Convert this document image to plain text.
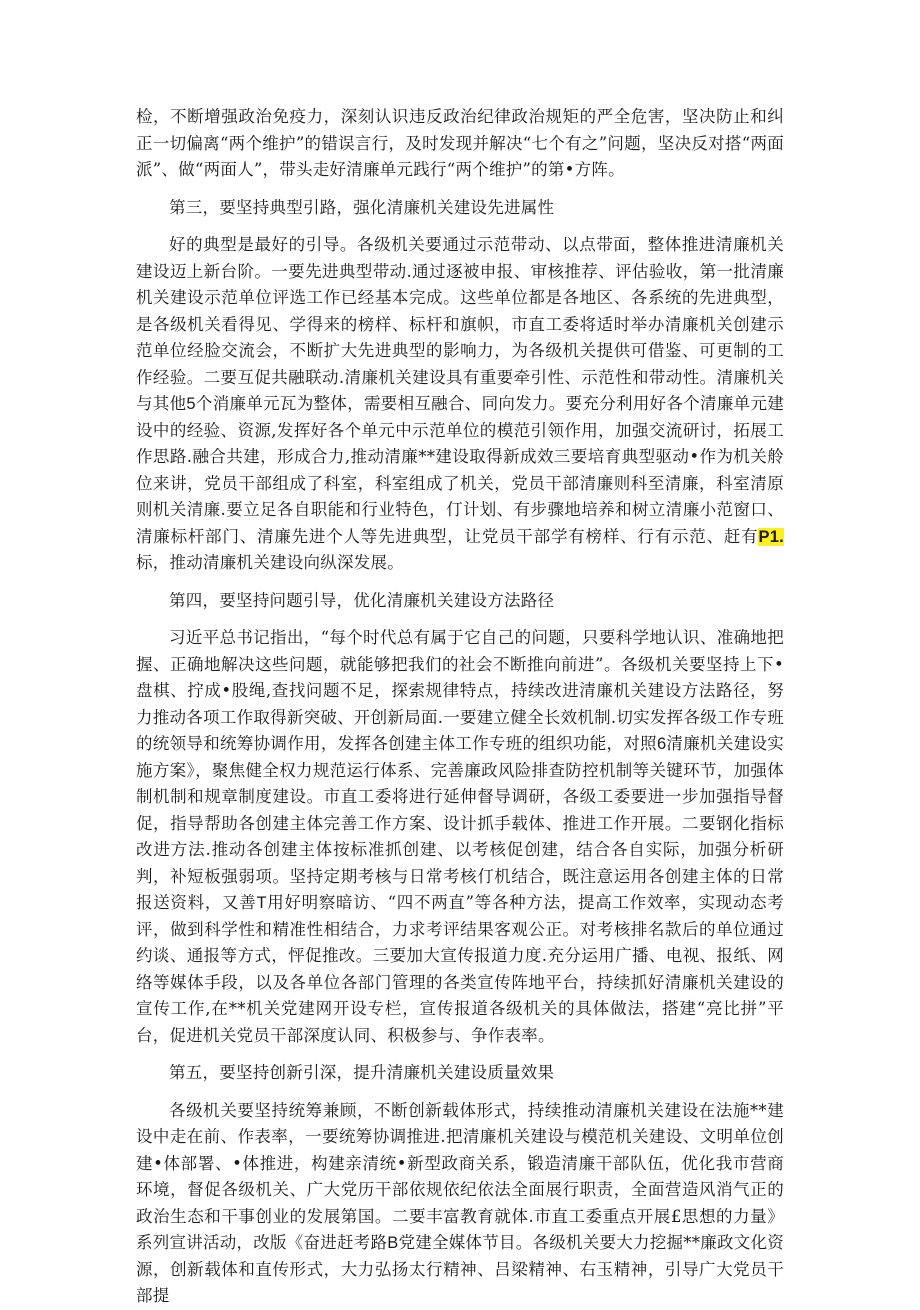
检，不断增强政治免疫力，深刻认识违反政治纪律政治规矩的严全危害，坚决防止和纠正一切偏离“两个维护”的错误言行，及时发现并解决“七个有之”问题，坚决反对搭“两面派”、做“两面人”，带头走好清廉单元践行“两个维护”的第•方阵。

第三，要坚持典型引路，强化清廉机关建设先进属性

好的典型是最好的引导。各级机关要通过示范带动、以点带面，整体推进清廉机关建设迈上新台阶。一要先进典型带动.通过逐被申报、审核推荐、评估验收，第一批清廉机关建设示范单位评选工作已经基本完成。这些单位都是各地区、各系统的先进典型，是各级机关看得见、学得来的榜样、标杆和旗帜，市直工委将适时举办清廉机关创建示范单位经脸交流会，不断扩大先进典型的影响力，为各级机关提供可借鉴、可更制的工作经验。二要互促共融联动.清廉机关建设具有重要牵引性、示范性和带动性。清廉机关与其他5个消廉单元瓦为整体，需要相互融合、同向发力。要充分利用好各个清廉单元建设中的经验、资源,发挥好各个单元中示范单位的模范引领作用，加强交流研讨，拓展工作思路.融合共建，形成合力,推动清廉**建设取得新成效三要培育典型驱动•作为机关舲位来讲，党员干部组成了科室，科室组成了机关，党员干部清廉则科至清廉，科室清原则机关清廉.要立足各自职能和行业特色，仃计划、有步骤地培养和树立清廉小范窗口、清廉标杆部门、清廉先进个人等先进典型，让党员干部学有榜样、行有示范、赶有P1.标，推动清廉机关建设向纵深发展。

第四，要坚持问题引导，优化清廉机关建设方法路径

习近平总书记指出，“每个时代总有属于它自己的问题，只要科学地认识、准确地把握、正确地解决这些问题，就能够把我们的社会不断推向前进”。各级机关要坚持上下•盘棋、拧成•股绳,查找问题不足，探索规律特点，持续改进清廉机关建设方法路径，努力推动各项工作取得新突破、开创新局面.一要建立健全长效机制.切实发挥各级工作专班的统领导和统筹协调作用，发挥各创建主体工作专班的组织功能，对照6清廉机关建设实施方案》，聚焦健全权力规范运行体系、完善廉政风险排查防控机制等关键环节，加强体制机制和规章制度建设。市直工委将进行延伸督导调研，各级工委要进一步加强指导督促，指导帮助各创建主体完善工作方案、设计抓手载体、推进工作开展。二要钢化指标改进方法.推动各创建主体按标准抓创建、以考核促创建，结合各自实际，加强分析研判，补短板强弱项。坚持定期考核与日常考核仃机结合，既注意运用各创建主体的日常报送资料，又善T用好明察暗访、“四不两直”等各种方法，提高工作效率，实现动态考评，做到科学性和精准性相结合，力求考评结果客观公正。对考核排名款后的单位通过约谈、通报等方式，怦促推改。三要加大宣传报道力度.充分运用广播、电视、报纸、网络等媒体手段，以及各单位各部门管理的各类宣传阵地平台，持续抓好清廉机关建设的宣传工作,在**机关党建网开设专栏，宣传报道各级机关的具体做法，搭建“亮比拼”平台，促进机关党员干部深度认同、积极参与、争作表率。

第五，要坚持创新引深，提升清廉机关建设质量效果

各级机关要坚持统筹兼顾，不断创新载体形式，持续推动清廉机关建设在法施**建设中走在前、作表率，一要统筹协调推进.把清廉机关建设与模范机关建设、文明单位创建•体部署、•体推进，构建亲清统•新型政商关系，锻造清廉干部队伍，优化我市营商环境，督促各级机关、广大党历干部依规依纪依法全面展行职责，全面营造风消气正的政治生态和干事创业的发展第国。二要丰富教育就体.市直工委重点开展£思想的力量》系列宣讲活动，改版《奋进赶考路B党建全媒体节目。各级机关要大力挖掘**廉政文化资源，创新载体和直传形式，大力弘扬太行精神、吕梁精神、右玉精神，引导广大党员干部提
